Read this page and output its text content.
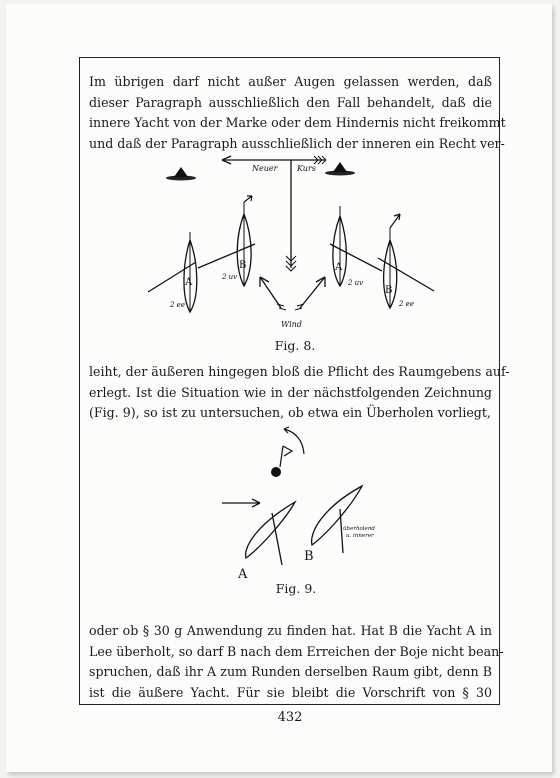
Im übrigen darf nicht außer Augen gelassen werden, daß
dieser Paragraph ausschließlich den Fall behandelt, daß die
innere Yacht von der Marke oder dem Hindernis nicht freikommt
und daß der Paragraph ausschließlich der inneren ein Recht ver-
Neuer Kurs
Wind
A
2 ee
B
2 uv
A
2 uv
B
2 ee
Fig. 8.
leiht, der äußeren hingegen bloß die Pflicht des Raumgebens auf-
erlegt. Ist die Situation wie in der nächstfolgenden Zeichnung
(Fig. 9), so ist zu untersuchen, ob etwa ein Überholen vorliegt,
A
B
überholend
u. innerer
Fig. 9.
oder ob § 30 g Anwendung zu finden hat. Hat B die Yacht A in
Lee überholt, so darf B nach dem Erreichen der Boje nicht bean-
spruchen, daß ihr A zum Runden derselben Raum gibt, denn B
ist die äußere Yacht. Für sie bleibt die Vorschrift von § 30
432
